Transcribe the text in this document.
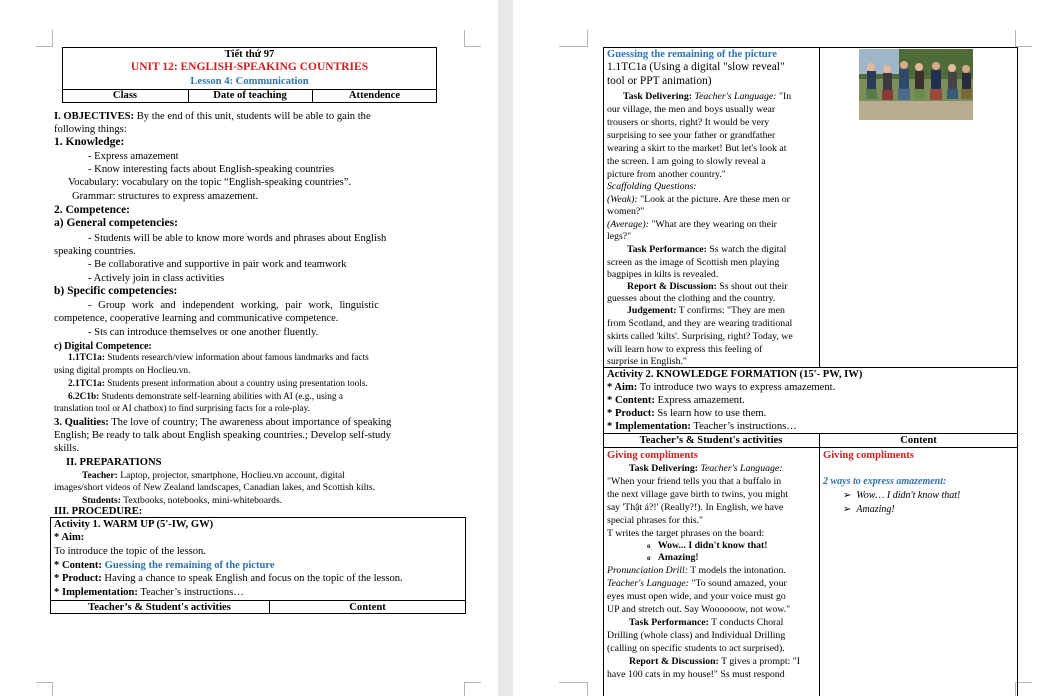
Tiết thứ 97
UNIT 12: ENGLISH-SPEAKING COUNTRIES
Lesson 4: Communication
Class	Date of teaching	Attendence
I. OBJECTIVES: By the end of this unit, students will be able to gain the
following things:
1. Knowledge:
- Express amazement
- Know interesting facts about English-speaking countries
Vocabulary: vocabulary on the topic “English-speaking countries”.
Grammar: structures to express amazement.
2. Competence:
a) General competencies:
- Students will be able to know more words and phrases about English
speaking countries.
- Be collaborative and supportive in pair work and teamwork
- Actively join in class activities
b) Specific competencies:
- Group work and independent working, pair work, linguistic
competence, cooperative learning and communicative competence.
- Sts can introduce themselves or one another fluently.
c) Digital Competence:
1.1TC1a: Students research/view information about famous landmarks and facts
using digital prompts on Hoclieu.vn.
2.1TC1a: Students present information about a country using presentation tools.
6.2C1b: Students demonstrate self-learning abilities with AI (e.g., using a
translation tool or AI chatbox) to find surprising facts for a role-play.
3. Qualities: The love of country; The awareness about importance of speaking
English; Be ready to talk about English speaking countries.; Develop self-study
skills.
II. PREPARATIONS
Teacher: Laptop, projector, smartphone, Hoclieu.vn account, digital
images/short videos of New Zealand landscapes, Canadian lakes, and Scottish kilts.
Students: Textbooks, notebooks, mini-whiteboards.
III. PROCEDURE:
Activity 1. WARM UP (5'-IW, GW)
* Aim:
To introduce the topic of the lesson.
* Content: Guessing the remaining of the picture
* Product: Having a chance to speak English and focus on the topic of the lesson.
* Implementation: Teacher’s instructions…
Teacher’s & Student's activities	Content
Guessing the remaining of the picture
1.1TC1a (Using a digital "slow reveal"
tool or PPT animation)
Task Delivering: Teacher's Language: "In
our village, the men and boys usually wear
trousers or shorts, right? It would be very
surprising to see your father or grandfather
wearing a skirt to the market! But let's look at
the screen. I am going to slowly reveal a
picture from another country."
Scaffolding Questions:
(Weak): "Look at the picture. Are these men or
women?"
(Average): "What are they wearing on their
legs?"
Task Performance: Ss watch the digital
screen as the image of Scottish men playing
bagpipes in kilts is revealed.
Report & Discussion: Ss shout out their
guesses about the clothing and the country.
Judgement: T confirms: "They are men
from Scotland, and they are wearing traditional
skirts called 'kilts'. Surprising, right? Today, we
will learn how to express this feeling of
surprise in English."
Activity 2. KNOWLEDGE FORMATION (15'- PW, IW)
* Aim: To introduce two ways to express amazement.
* Content: Express amazement.
* Product: Ss learn how to use them.
* Implementation: Teacher’s instructions…
Teacher’s & Student's activities	Content
Giving compliments
Task Delivering: Teacher's Language:
"When your friend tells you that a buffalo in
the next village gave birth to twins, you might
say 'Thật á?!' (Really?!). In English, we have
special phrases for this."
T writes the target phrases on the board:
o Wow... I didn't know that!
o Amazing!
Pronunciation Drill: T models the intonation.
Teacher's Language: "To sound amazed, your
eyes must open wide, and your voice must go
UP and stretch out. Say Woooooow, not wow."
Task Performance: T conducts Choral
Drilling (whole class) and Individual Drilling
(calling on specific students to act surprised).
Report & Discussion: T gives a prompt: "I
have 100 cats in my house!" Ss must respond
Giving compliments
2 ways to express amazement:
➢ Wow… I didn't know that!
➢ Amazing!
